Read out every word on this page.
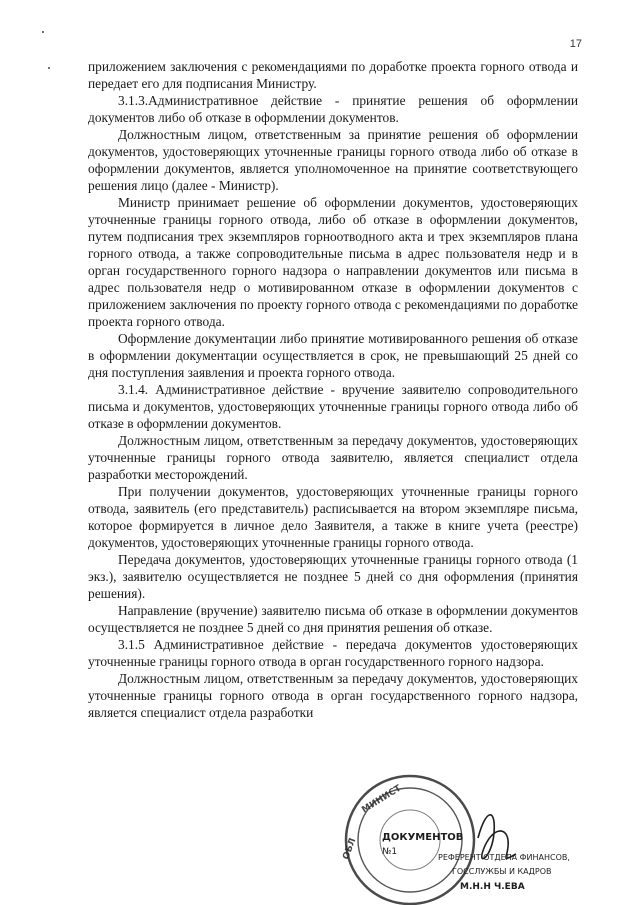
17

приложением заключения с рекомендациями по доработке проекта горного отвода и передает его для подписания Министру.

3.1.3.Административное действие - принятие решения об оформлении документов либо об отказе в оформлении документов.

Должностным лицом, ответственным за принятие решения об оформлении документов, удостоверяющих уточненные границы горного отвода либо об отказе в оформлении документов, является уполномоченное на принятие соответствующего решения лицо (далее - Министр).

Министр принимает решение об оформлении документов, удостоверяющих уточненные границы горного отвода, либо об отказе в оформлении документов, путем подписания трех экземпляров горноотводного акта и трех экземпляров плана горного отвода, а также сопроводительные письма в адрес пользователя недр и в орган государственного горного надзора о направлении документов или письма в адрес пользователя недр о мотивированном отказе в оформлении документов с приложением заключения по проекту горного отвода с рекомендациями по доработке проекта горного отвода.

Оформление документации либо принятие мотивированного решения об отказе в оформлении документации осуществляется в срок, не превышающий 25 дней со дня поступления заявления и проекта горного отвода.

3.1.4. Административное действие - вручение заявителю сопроводительного письма и документов, удостоверяющих уточненные границы горного отвода либо об отказе в оформлении документов.

Должностным лицом, ответственным за передачу документов, удостоверяющих уточненные границы горного отвода заявителю, является специалист отдела разработки месторождений.

При получении документов, удостоверяющих уточненные границы горного отвода, заявитель (его представитель) расписывается на втором экземпляре письма, которое формируется в личное дело Заявителя, а также в книге учета (реестре) документов, удостоверяющих уточненные границы горного отвода.

Передача документов, удостоверяющих уточненные границы горного отвода (1 экз.), заявителю осуществляется не позднее 5 дней со дня оформления (принятия решения).

Направление (вручение) заявителю письма об отказе в оформлении документов осуществляется не позднее 5 дней со дня принятия решения об отказе.

3.1.5 Административное действие - передача документов удостоверяющих уточненные границы горного отвода в орган государственного горного надзора.

Должностным лицом, ответственным за передачу документов, удостоверяющих уточненные границы горного отвода в орган государственного горного надзора, является специалист отдела разработки

МИНИСТ
ОБЛ ДОКУМЕНТОВ
№1
РЕФЕРЕНТ ОТДЕЛА ФИНАНСОВ,
ГОССЛУЖБЫ И КАДРОВ
М.Н.Н Ч.ЕВА
